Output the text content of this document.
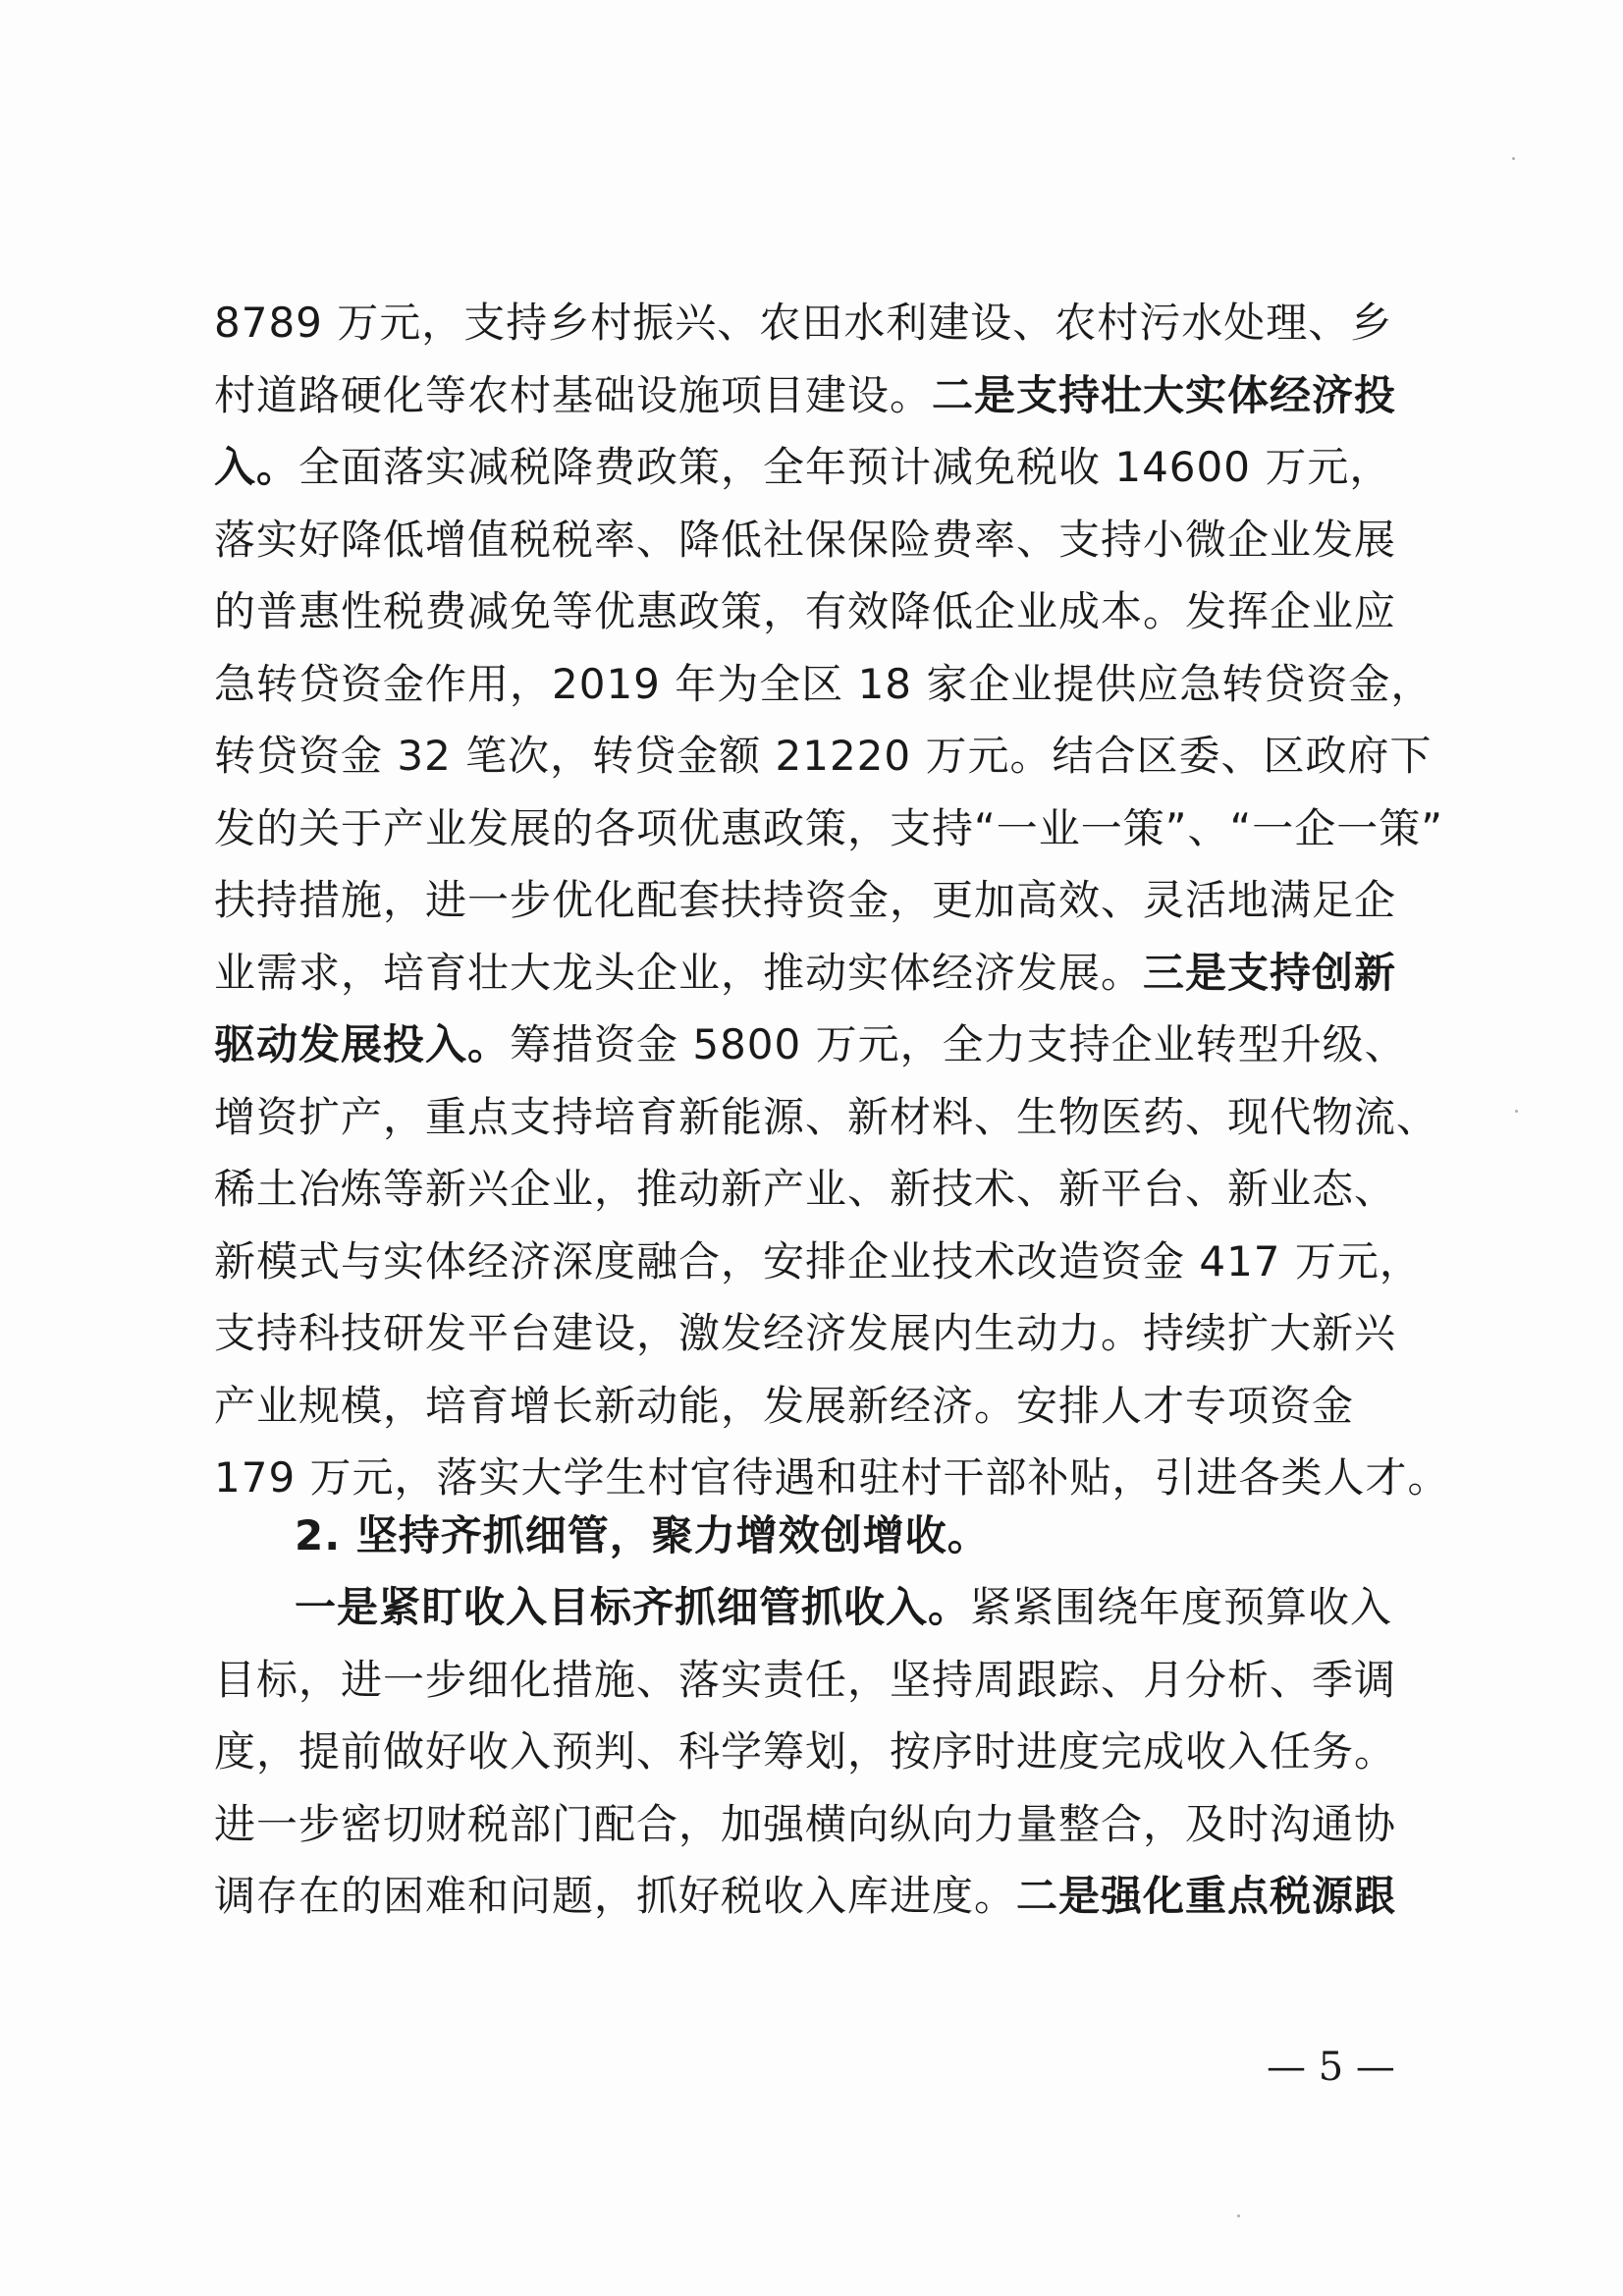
8789 万元，支持乡村振兴、农田水利建设、农村污水处理、乡
村道路硬化等农村基础设施项目建设。二是支持壮大实体经济投
入。全面落实减税降费政策，全年预计减免税收 14600 万元，
落实好降低增值税税率、降低社保保险费率、支持小微企业发展
的普惠性税费减免等优惠政策，有效降低企业成本。发挥企业应
急转贷资金作用，2019 年为全区 18 家企业提供应急转贷资金，
转贷资金 32 笔次，转贷金额 21220 万元。结合区委、区政府下
发的关于产业发展的各项优惠政策，支持“一业一策”、“一企一策”
扶持措施，进一步优化配套扶持资金，更加高效、灵活地满足企
业需求，培育壮大龙头企业，推动实体经济发展。三是支持创新
驱动发展投入。筹措资金 5800 万元，全力支持企业转型升级、
增资扩产，重点支持培育新能源、新材料、生物医药、现代物流、
稀土冶炼等新兴企业，推动新产业、新技术、新平台、新业态、
新模式与实体经济深度融合，安排企业技术改造资金 417 万元，
支持科技研发平台建设，激发经济发展内生动力。持续扩大新兴
产业规模，培育增长新动能，发展新经济。安排人才专项资金
179 万元，落实大学生村官待遇和驻村干部补贴，引进各类人才。
2. 坚持齐抓细管，聚力增效创增收。
一是紧盯收入目标齐抓细管抓收入。紧紧围绕年度预算收入
目标，进一步细化措施、落实责任，坚持周跟踪、月分析、季调
度，提前做好收入预判、科学筹划，按序时进度完成收入任务。
进一步密切财税部门配合，加强横向纵向力量整合，及时沟通协
调存在的困难和问题，抓好税收入库进度。二是强化重点税源跟
— 5 —
